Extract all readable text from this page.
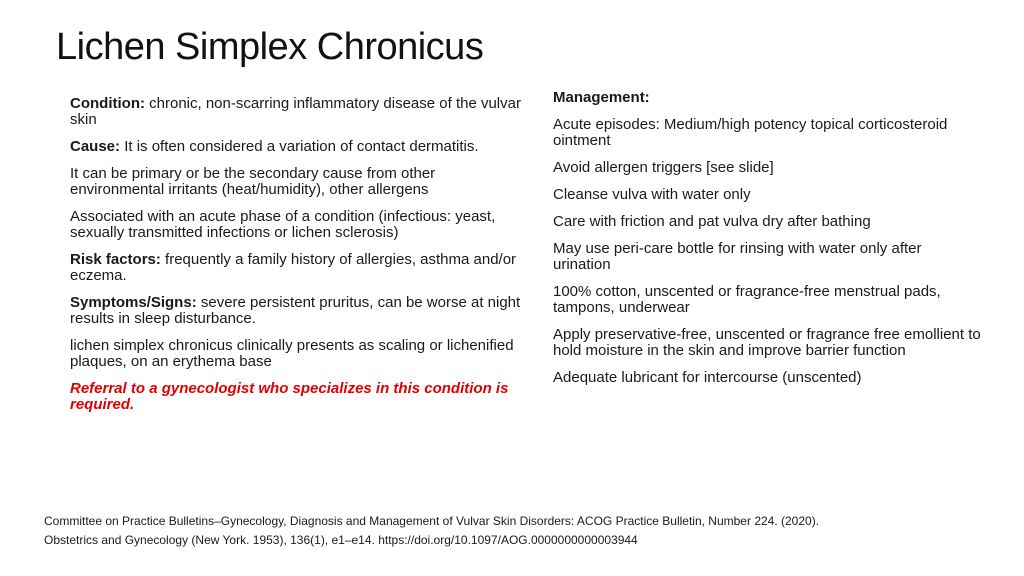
Lichen Simplex Chronicus

Condition: chronic, non-scarring inflammatory disease of the vulvar skin

Cause: It is often considered a variation of contact dermatitis.

It can be primary or be the secondary cause from other environmental irritants (heat/humidity), other allergens

Associated with an acute phase of a condition (infectious: yeast, sexually transmitted infections or lichen sclerosis)

Risk factors: frequently a family history of allergies, asthma and/or eczema.

Symptoms/Signs: severe persistent pruritus, can be worse at night results in sleep disturbance.

lichen simplex chronicus clinically presents as scaling or lichenified plaques, on an erythema base

Referral to a gynecologist who specializes in this condition is required.

Management:

Acute episodes: Medium/high potency topical corticosteroid ointment

Avoid allergen triggers [see slide]

Cleanse vulva with water only

Care with friction and pat vulva dry after bathing

May use peri-care bottle for rinsing with water only after urination

100% cotton, unscented or fragrance-free menstrual pads, tampons, underwear

Apply preservative-free, unscented or fragrance free emollient to hold moisture in the skin and improve barrier function

Adequate lubricant for intercourse (unscented)

Committee on Practice Bulletins–Gynecology, Diagnosis and Management of Vulvar Skin Disorders: ACOG Practice Bulletin, Number 224. (2020). Obstetrics and Gynecology (New York. 1953), 136(1), e1–e14. https://doi.org/10.1097/AOG.0000000000003944
